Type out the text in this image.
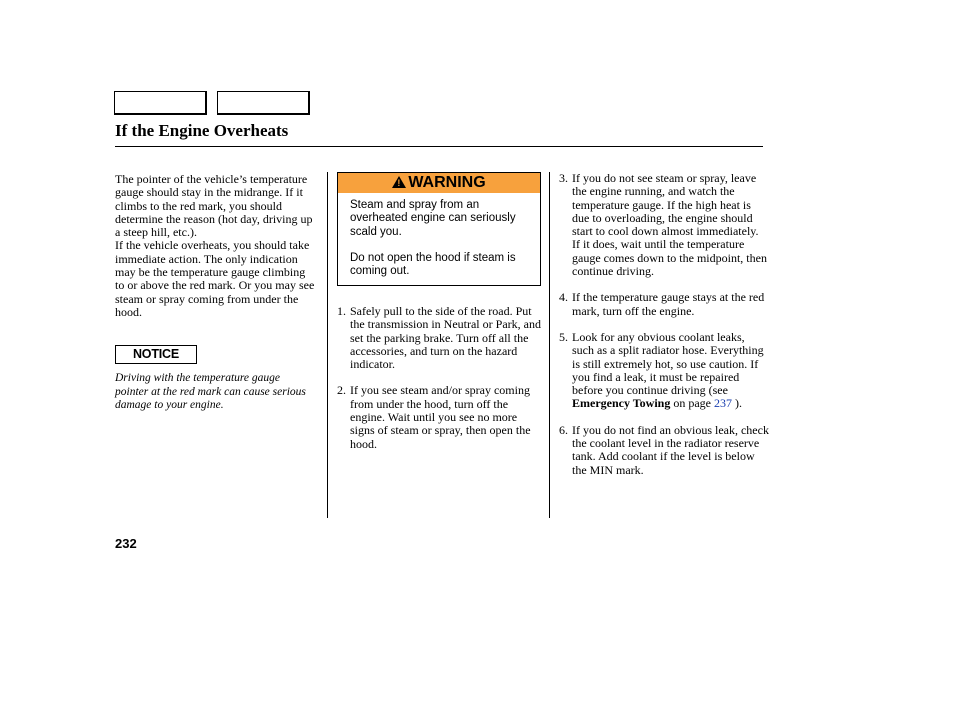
If the Engine Overheats

The pointer of the vehicle’s temperature gauge should stay in the midrange. If it climbs to the red mark, you should determine the reason (hot day, driving up a steep hill, etc.).

If the vehicle overheats, you should take immediate action. The only indication may be the temperature gauge climbing to or above the red mark. Or you may see steam or spray coming from under the hood.

NOTICE
Driving with the temperature gauge pointer at the red mark can cause serious damage to your engine.
!
WARNING

Steam and spray from an overheated engine can seriously scald you.

Do not open the hood if steam is coming out.

1. Safely pull to the side of the road. Put the transmission in Neutral or Park, and set the parking brake. Turn off all the accessories, and turn on the hazard indicator.
2. If you see steam and/or spray coming from under the hood, turn off the engine. Wait until you see no more signs of steam or spray, then open the hood.
3. If you do not see steam or spray, leave the engine running, and watch the temperature gauge. If the high heat is due to overloading, the engine should start to cool down almost immediately. If it does, wait until the temperature gauge comes down to the midpoint, then continue driving.
4. If the temperature gauge stays at the red mark, turn off the engine.
5. Look for any obvious coolant leaks, such as a split radiator hose. Everything is still extremely hot, so use caution. If you find a leak, it must be repaired before you continue driving (see Emergency Towing on page 237 ).
6. If you do not find an obvious leak, check the coolant level in the radiator reserve tank. Add coolant if the level is below the MIN mark.
232
